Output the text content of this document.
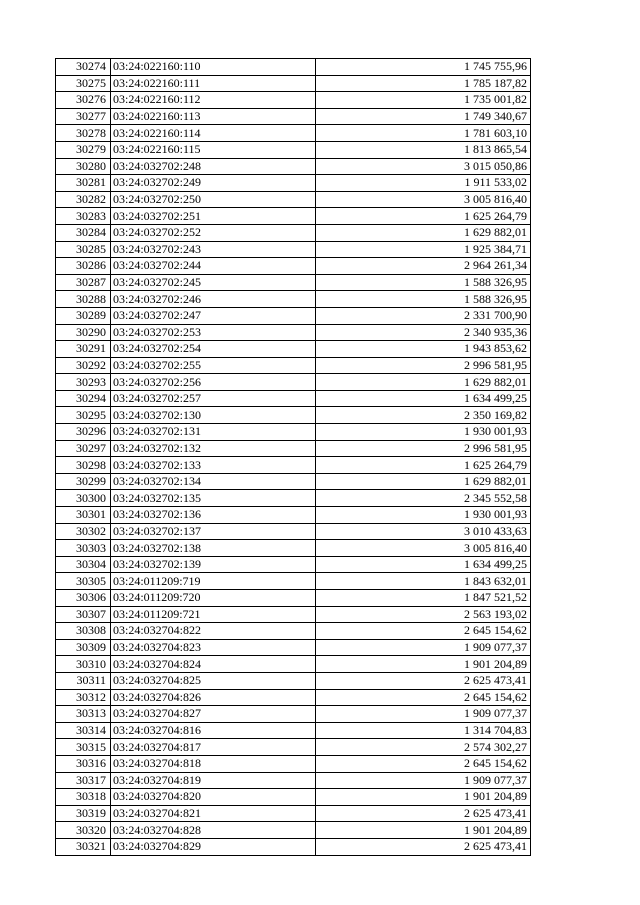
30274	03:24:022160:110	1 745 755,96
30275	03:24:022160:111	1 785 187,82
30276	03:24:022160:112	1 735 001,82
30277	03:24:022160:113	1 749 340,67
30278	03:24:022160:114	1 781 603,10
30279	03:24:022160:115	1 813 865,54
30280	03:24:032702:248	3 015 050,86
30281	03:24:032702:249	1 911 533,02
30282	03:24:032702:250	3 005 816,40
30283	03:24:032702:251	1 625 264,79
30284	03:24:032702:252	1 629 882,01
30285	03:24:032702:243	1 925 384,71
30286	03:24:032702:244	2 964 261,34
30287	03:24:032702:245	1 588 326,95
30288	03:24:032702:246	1 588 326,95
30289	03:24:032702:247	2 331 700,90
30290	03:24:032702:253	2 340 935,36
30291	03:24:032702:254	1 943 853,62
30292	03:24:032702:255	2 996 581,95
30293	03:24:032702:256	1 629 882,01
30294	03:24:032702:257	1 634 499,25
30295	03:24:032702:130	2 350 169,82
30296	03:24:032702:131	1 930 001,93
30297	03:24:032702:132	2 996 581,95
30298	03:24:032702:133	1 625 264,79
30299	03:24:032702:134	1 629 882,01
30300	03:24:032702:135	2 345 552,58
30301	03:24:032702:136	1 930 001,93
30302	03:24:032702:137	3 010 433,63
30303	03:24:032702:138	3 005 816,40
30304	03:24:032702:139	1 634 499,25
30305	03:24:011209:719	1 843 632,01
30306	03:24:011209:720	1 847 521,52
30307	03:24:011209:721	2 563 193,02
30308	03:24:032704:822	2 645 154,62
30309	03:24:032704:823	1 909 077,37
30310	03:24:032704:824	1 901 204,89
30311	03:24:032704:825	2 625 473,41
30312	03:24:032704:826	2 645 154,62
30313	03:24:032704:827	1 909 077,37
30314	03:24:032704:816	1 314 704,83
30315	03:24:032704:817	2 574 302,27
30316	03:24:032704:818	2 645 154,62
30317	03:24:032704:819	1 909 077,37
30318	03:24:032704:820	1 901 204,89
30319	03:24:032704:821	2 625 473,41
30320	03:24:032704:828	1 901 204,89
30321	03:24:032704:829	2 625 473,41
